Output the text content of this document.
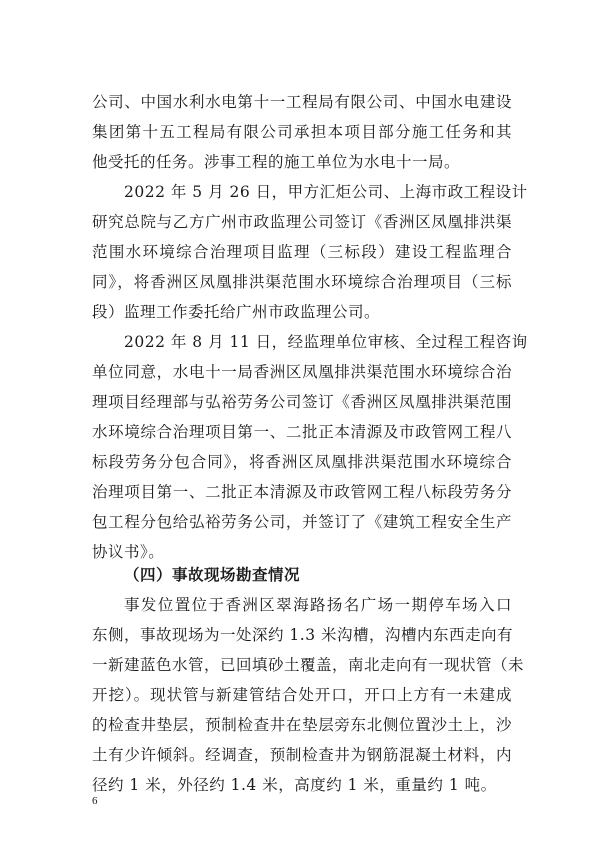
公司、中国水利水电第十一工程局有限公司、中国水电建设
集团第十五工程局有限公司承担本项目部分施工任务和其
他受托的任务。涉事工程的施工单位为水电十一局。
2022 年 5 月 26 日，甲方汇炬公司、上海市政工程设计
研究总院与乙方广州市政监理公司签订《香洲区凤凰排洪渠
范围水环境综合治理项目监理（三标段）建设工程监理合
同》，将香洲区凤凰排洪渠范围水环境综合治理项目（三标
段）监理工作委托给广州市政监理公司。
2022 年 8 月 11 日，经监理单位审核、全过程工程咨询
单位同意，水电十一局香洲区凤凰排洪渠范围水环境综合治
理项目经理部与弘裕劳务公司签订《香洲区凤凰排洪渠范围
水环境综合治理项目第一、二批正本清源及市政管网工程八
标段劳务分包合同》，将香洲区凤凰排洪渠范围水环境综合
治理项目第一、二批正本清源及市政管网工程八标段劳务分
包工程分包给弘裕劳务公司，并签订了《建筑工程安全生产
协议书》。
（四）事故现场勘查情况
事发位置位于香洲区翠海路扬名广场一期停车场入口
东侧，事故现场为一处深约 1.3 米沟槽，沟槽内东西走向有
一新建蓝色水管，已回填砂土覆盖，南北走向有一现状管（未
开挖）。现状管与新建管结合处开口，开口上方有一未建成
的检查井垫层，预制检查井在垫层旁东北侧位置沙土上，沙
土有少许倾斜。经调查，预制检查井为钢筋混凝土材料，内
径约 1 米，外径约 1.4 米，高度约 1 米，重量约 1 吨。
6
